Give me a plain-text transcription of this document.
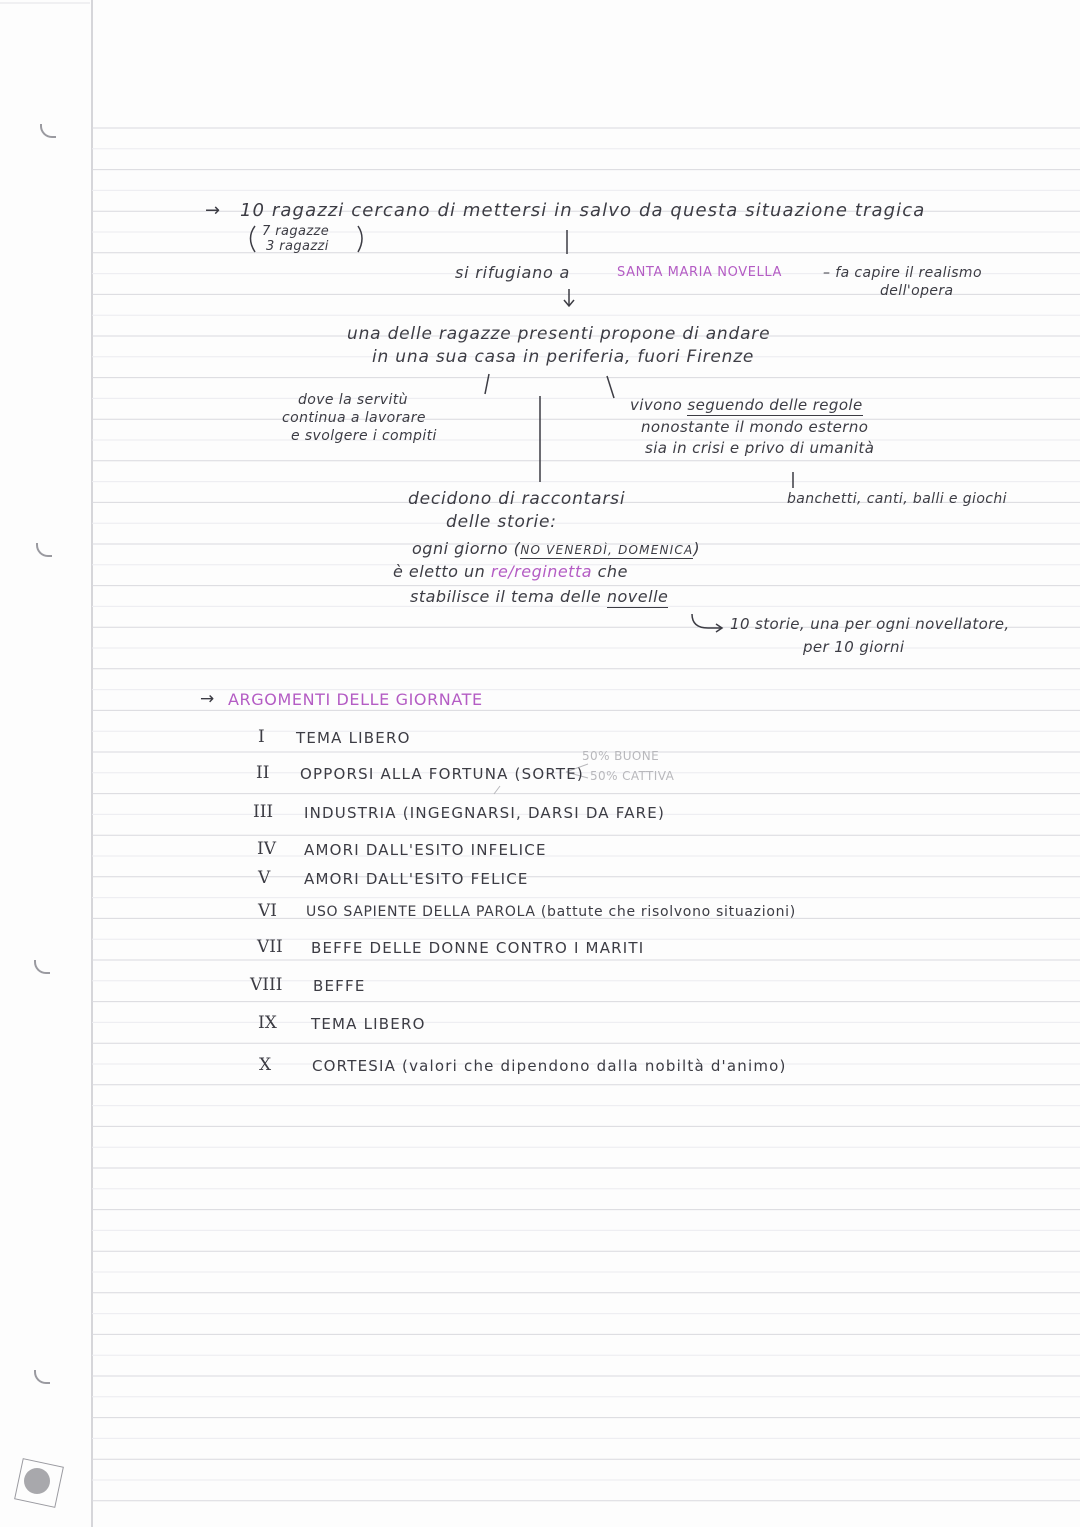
→ 10 ragazzi cercano di mettersi in salvo da questa situazione tragica
7 ragazze
3 ragazzi
si rifugiano a	SANTA MARIA NOVELLA	– fa capire il realismo
dell'opera
una delle ragazze presenti propone di andare
in una sua casa in periferia, fuori Firenze
dove la servitù
continua a lavorare
e svolgere i compiti
vivono seguendo delle regole
nonostante il mondo esterno
sia in crisi e privo di umanità
banchetti, canti, balli e giochi
decidono di raccontarsi
delle storie:
ogni giorno (NO VENERDÌ, DOMENICA)
è eletto un re/reginetta che
stabilisce il tema delle novelle
10 storie, una per ogni novellatore,
per 10 giorni
→ ARGOMENTI DELLE GIORNATE
I TEMA LIBERO
II OPPORSI ALLA FORTUNA (SORTE)
50% BUONE
50% CATTIVA
III INDUSTRIA (INGEGNARSI, DARSI DA FARE)
IV AMORI DALL'ESITO INFELICE
V AMORI DALL'ESITO FELICE
VI USO SAPIENTE DELLA PAROLA (battute che risolvono situazioni)
VII BEFFE DELLE DONNE CONTRO I MARITI
VIII BEFFE
IX TEMA LIBERO
X	CORTESIA (valori che dipendono dalla nobiltà d'animo)
